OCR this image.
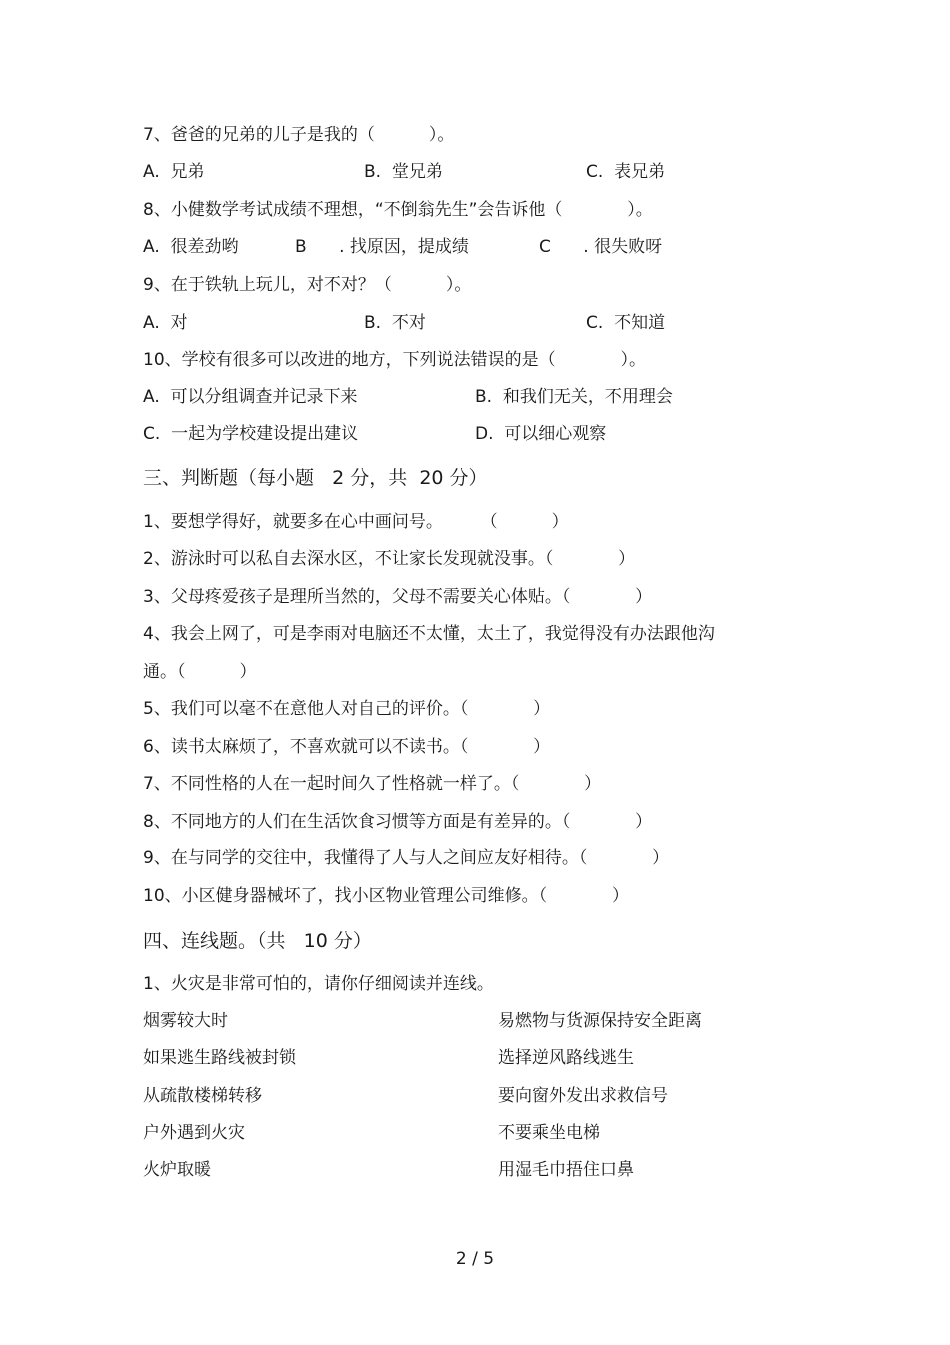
7、爸爸的兄弟的儿子是我的（          ）。
A.  兄弟	B.  堂兄弟	C.  表兄弟
8、小健数学考试成绩不理想，“不倒翁先生”会告诉他（            ）。
A.  很差劲哟	B      . 找原因，提成绩	C      . 很失败呀
9、在于铁轨上玩儿，对不对？（          ）。
A.  对	B.  不对	C.  不知道
10、学校有很多可以改进的地方，下列说法错误的是（            ）。
A.  可以分组调查并记录下来	B.  和我们无关，不用理会
C.  一起为学校建设提出建议	D.  可以细心观察
三、判断题（每小题   2 分，共  20 分）
1、要想学得好，就要多在心中画问号。       （          ）
2、游泳时可以私自去深水区，不让家长发现就没事。（            ）
3、父母疼爱孩子是理所当然的，父母不需要关心体贴。（            ）
4、我会上网了，可是李雨对电脑还不太懂，太土了，我觉得没有办法跟他沟
通。（          ）
5、我们可以毫不在意他人对自己的评价。（            ）
6、读书太麻烦了，不喜欢就可以不读书。（            ）
7、不同性格的人在一起时间久了性格就一样了。（            ）
8、不同地方的人们在生活饮食习惯等方面是有差异的。（            ）
9、在与同学的交往中，我懂得了人与人之间应友好相待。（            ）
10、小区健身器械坏了，找小区物业管理公司维修。（            ）
四、连线题。（共   10 分）
1、火灾是非常可怕的，请你仔细阅读并连线。
烟雾较大时	易燃物与货源保持安全距离
如果逃生路线被封锁	选择逆风路线逃生
从疏散楼梯转移	要向窗外发出求救信号
户外遇到火灾	不要乘坐电梯
火炉取暖	用湿毛巾捂住口鼻
2 / 5
